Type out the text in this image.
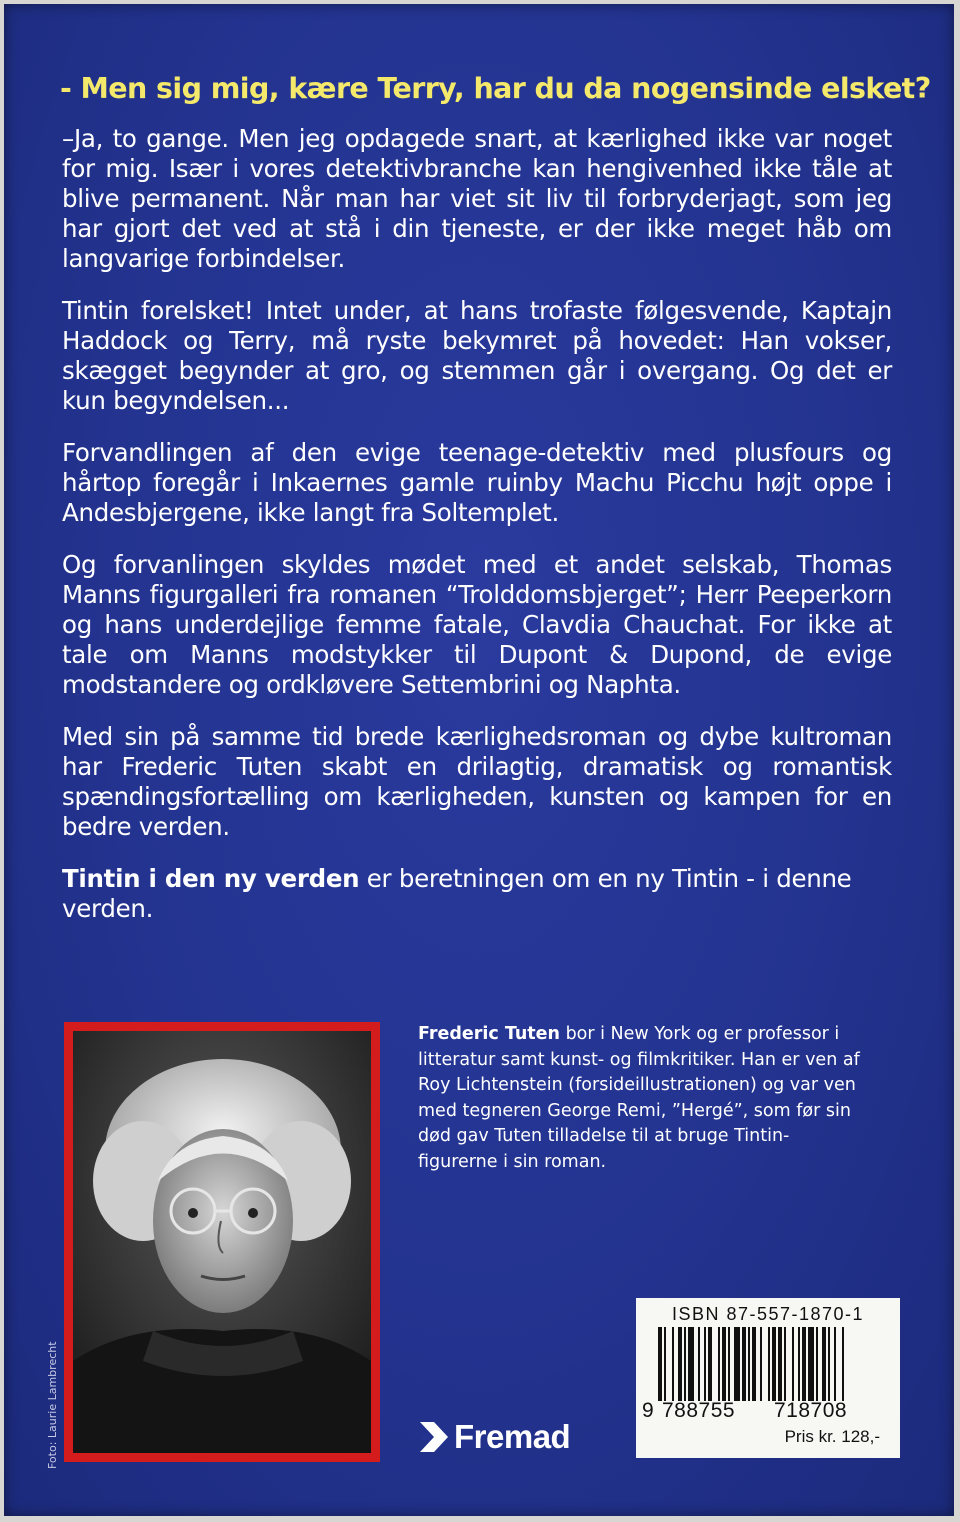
- Men sig mig, kære Terry, har du da nogensinde elsket?

–Ja, to gange. Men jeg opdagede snart, at kærlighed ikke var noget for mig. Især i vores detektivbranche kan hengivenhed ikke tåle at blive permanent. Når man har viet sit liv til forbryderjagt, som jeg har gjort det ved at stå i din tjeneste, er der ikke meget håb om langvarige forbindelser.

Tintin forelsket! Intet under, at hans trofaste følgesvende, Kaptajn Haddock og Terry, må ryste bekymret på hovedet: Han vokser, skægget begynder at gro, og stemmen går i overgang. Og det er kun begyndelsen...

Forvandlingen af den evige teenage-detektiv med plusfours og hårtop foregår i Inkaernes gamle ruinby Machu Picchu højt oppe i Andesbjergene, ikke langt fra Soltemplet.

Og forvanlingen skyldes mødet med et andet selskab, Thomas Manns figurgalleri fra romanen “Trolddomsbjerget”; Herr Peeperkorn og hans underdejlige femme fatale, Clavdia Chauchat. For ikke at tale om Manns modstykker til Dupont & Dupond, de evige modstandere og ordkløvere Settembrini og Naphta.

Med sin på samme tid brede kærlighedsroman og dybe kultroman har Frederic Tuten skabt en drilagtig, dramatisk og romantisk spændingsfortælling om kærligheden, kunsten og kampen for en bedre verden.

Tintin i den ny verden er beretningen om en ny Tintin - i denne verden.

Foto: Laurie Lambrecht

Frederic Tuten bor i New York og er professor i litteratur samt kunst- og filmkritiker. Han er ven af Roy Lichtenstein (forsideillustrationen) og var ven med tegneren George Remi, ”Hergé”, som før sin død gav Tuten tilladelse til at bruge Tintin-figurerne i sin roman.

Fremad

ISBN 87-557-1870-1

9 788755	718708

Pris kr. 128,-
